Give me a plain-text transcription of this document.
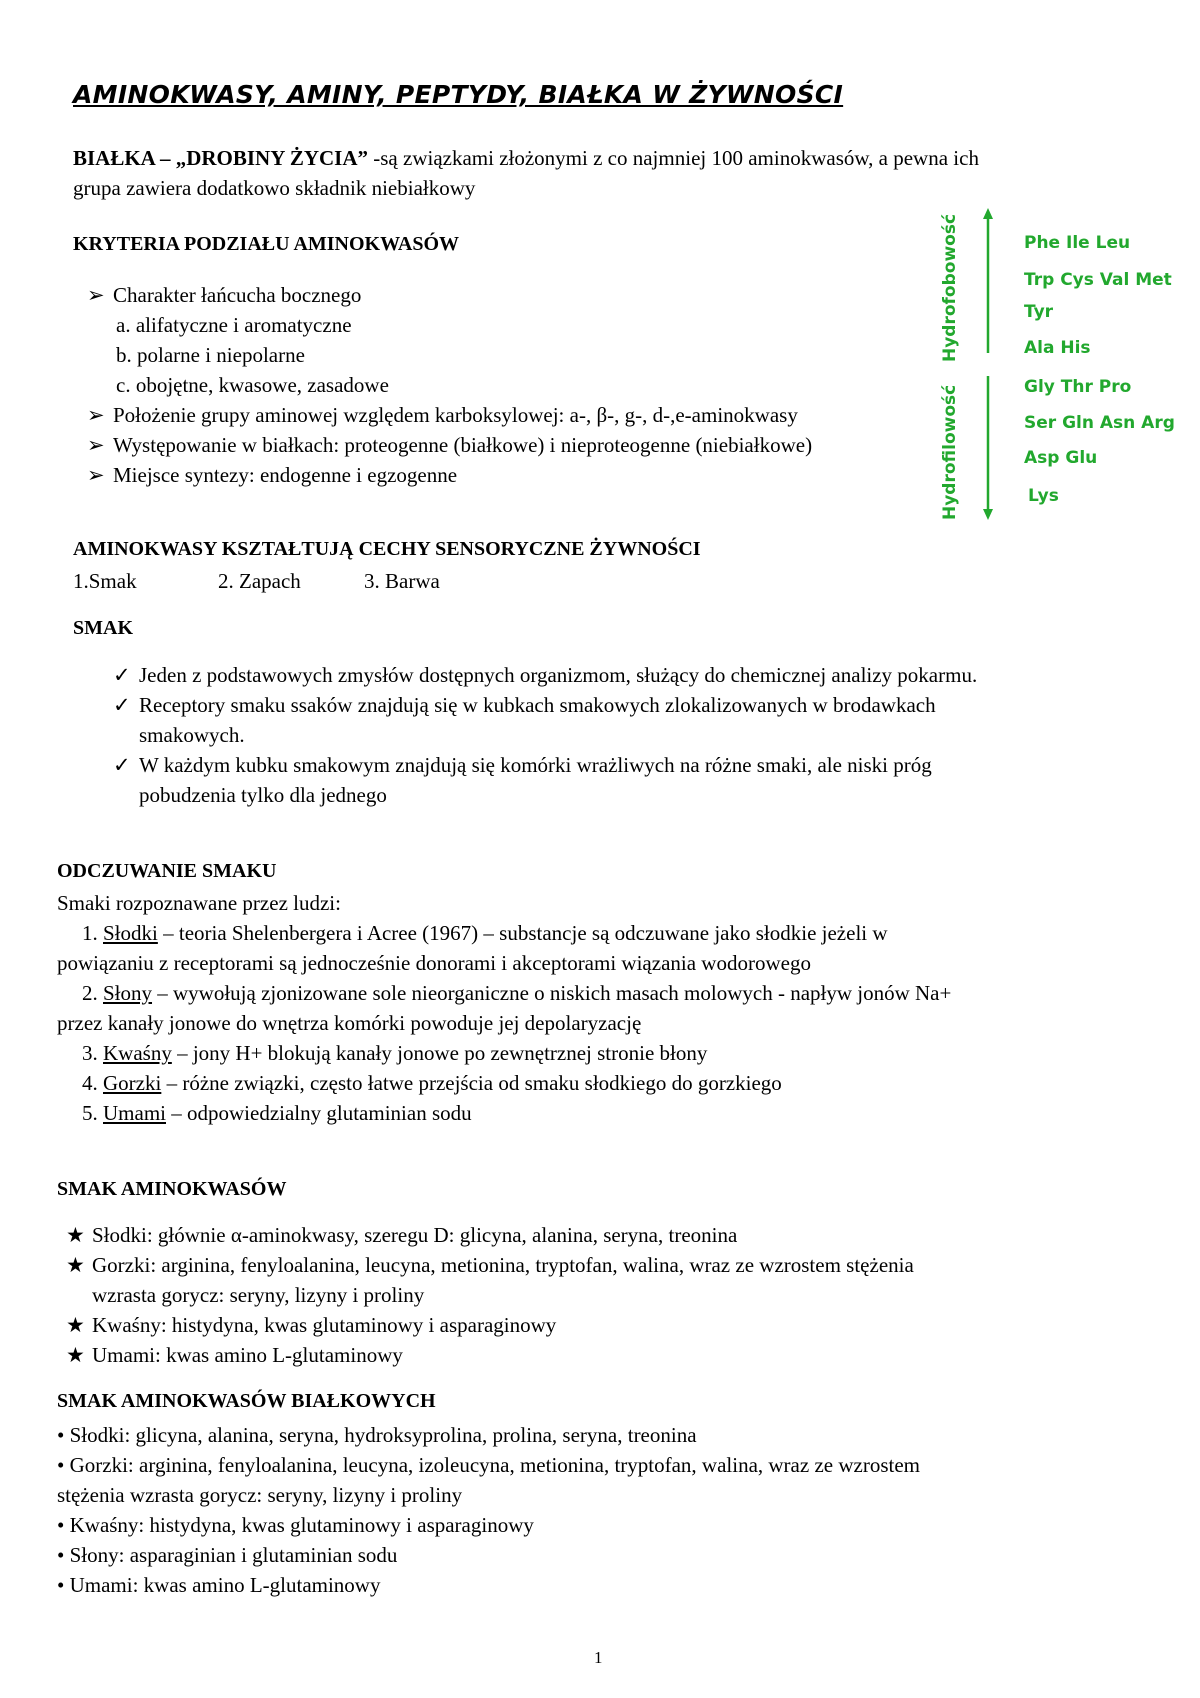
AMINOKWASY, AMINY, PEPTYDY, BIAŁKA W ŻYWNOŚCI
BIAŁKA – „DROBINY ŻYCIA” -są związkami złożonymi z co najmniej 100 aminokwasów, a pewna ich
grupa zawiera dodatkowo składnik niebiałkowy
KRYTERIA PODZIAŁU AMINOKWASÓW
➢ Charakter łańcucha bocznego
a. alifatyczne i aromatyczne
b. polarne i niepolarne
c. obojętne, kwasowe, zasadowe
➢ Położenie grupy aminowej względem karboksylowej: a-, β-, g-, d-,e-aminokwasy
➢ Występowanie w białkach: proteogenne (białkowe) i nieproteogenne (niebiałkowe)
➢ Miejsce syntezy: endogenne i egzogenne
Hydrofobowość
Hydrofilowość
Phe Ile Leu
Trp Cys Val Met
Tyr
Ala His
Gly Thr Pro
Ser Gln Asn Arg
Asp Glu
Lys
AMINOKWASY KSZTAŁTUJĄ CECHY SENSORYCZNE ŻYWNOŚCI
1.Smak	2. Zapach	3. Barwa
SMAK
✓ Jeden z podstawowych zmysłów dostępnych organizmom, służący do chemicznej analizy pokarmu.
✓ Receptory smaku ssaków znajdują się w kubkach smakowych zlokalizowanych w brodawkach
smakowych.
✓ W każdym kubku smakowym znajdują się komórki wrażliwych na różne smaki, ale niski próg
pobudzenia tylko dla jednego
ODCZUWANIE SMAKU
Smaki rozpoznawane przez ludzi:
1. Słodki – teoria Shelenbergera i Acree (1967) – substancje są odczuwane jako słodkie jeżeli w
powiązaniu z receptorami są jednocześnie donorami i akceptorami wiązania wodorowego
2. Słony – wywołują zjonizowane sole nieorganiczne o niskich masach molowych - napływ jonów Na+
przez kanały jonowe do wnętrza komórki powoduje jej depolaryzację
3. Kwaśny – jony H+ blokują kanały jonowe po zewnętrznej stronie błony
4. Gorzki – różne związki, często łatwe przejścia od smaku słodkiego do gorzkiego
5. Umami – odpowiedzialny glutaminian sodu
SMAK AMINOKWASÓW
★ Słodki: głównie α-aminokwasy, szeregu D: glicyna, alanina, seryna, treonina
★ Gorzki: arginina, fenyloalanina, leucyna, metionina, tryptofan, walina, wraz ze wzrostem stężenia
wzrasta gorycz: seryny, lizyny i proliny
★ Kwaśny: histydyna, kwas glutaminowy i asparaginowy
★ Umami: kwas amino L-glutaminowy
SMAK AMINOKWASÓW BIAŁKOWYCH
• Słodki: glicyna, alanina, seryna, hydroksyprolina, prolina, seryna, treonina
• Gorzki: arginina, fenyloalanina, leucyna, izoleucyna, metionina, tryptofan, walina, wraz ze wzrostem
stężenia wzrasta gorycz: seryny, lizyny i proliny
• Kwaśny: histydyna, kwas glutaminowy i asparaginowy
• Słony: asparaginian i glutaminian sodu
• Umami: kwas amino L-glutaminowy
1
